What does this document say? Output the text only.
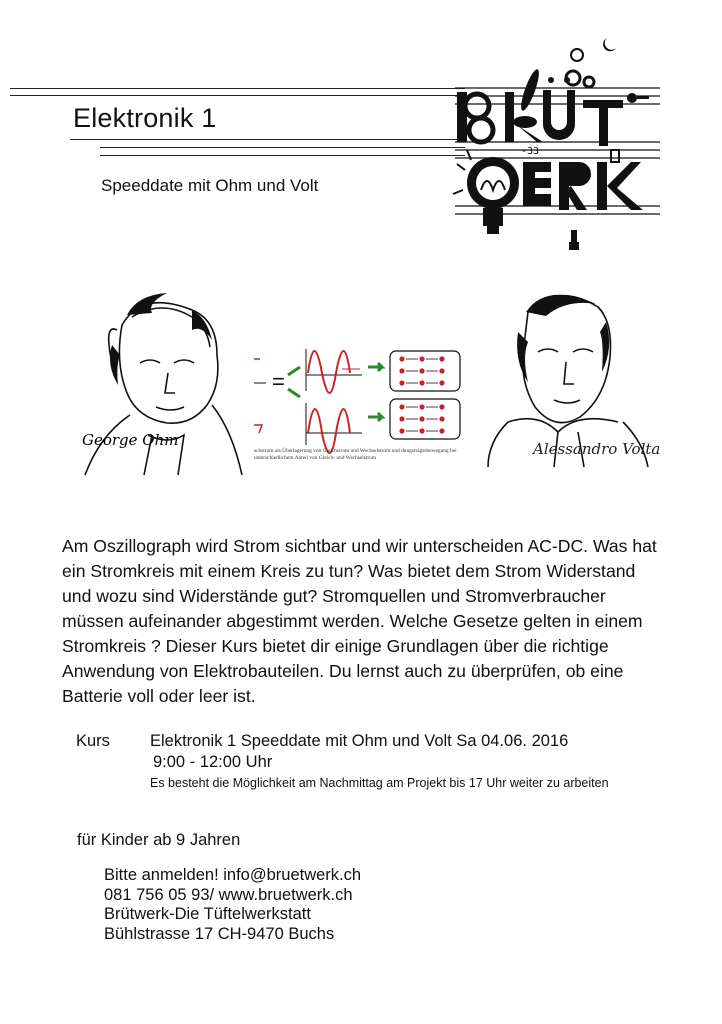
Elektronik 1
Speeddate mit Ohm und Volt
-33
George Ohm
=
schstrom als Überlagerung von Gleichstrom und Wechselstrom und dungsträgerbewegung bei unterschiedlichem Anteil von Gleich- und Wechselstrom	Alessandro Volta
Am Oszillograph wird Strom sichtbar und wir unterscheiden AC-DC. Was hat ein Stromkreis mit einem Kreis zu tun? Was bietet dem Strom Widerstand und wozu sind Widerstände gut? Stromquellen und Stromverbraucher müssen aufeinander abgestimmt werden. Welche Gesetze gelten in einem Stromkreis ? Dieser Kurs bietet dir einige Grundlagen über die richtige Anwendung von Elektrobauteilen. Du lernst auch zu überprüfen, ob eine Batterie voll oder leer ist.
Kurs Elektronik 1 Speeddate mit Ohm und Volt Sa 04.06. 2016
9:00 - 12:00 Uhr
Es besteht die Möglichkeit am Nachmittag am Projekt bis 17 Uhr weiter zu arbeiten
für Kinder ab 9 Jahren
Bitte anmelden! info@bruetwerk.ch
081 756 05 93/ www.bruetwerk.ch
Brütwerk-Die Tüftelwerkstatt
Bühlstrasse 17 CH-9470 Buchs
